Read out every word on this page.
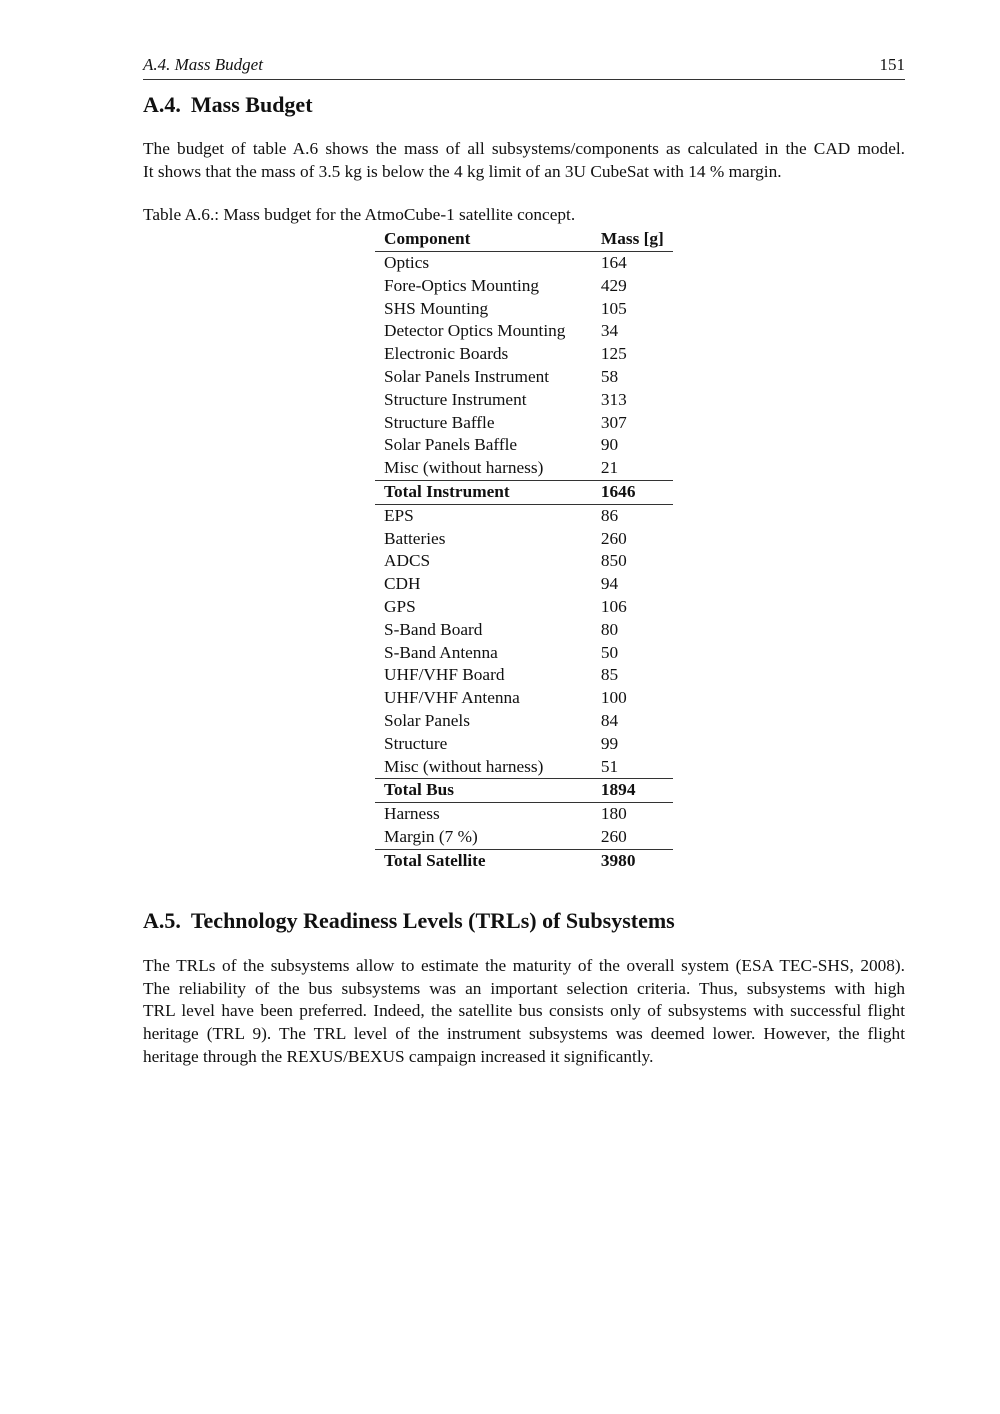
A.4. Mass Budget	151
A.4. Mass Budget

The budget of table A.6 shows the mass of all subsystems/components as calculated in the CAD model.
It shows that the mass of 3.5 kg is below the 4 kg limit of an 3U CubeSat with 14 % margin.

Table A.6.: Mass budget for the AtmoCube-1 satellite concept.
Component	Mass [g]
Optics	164
Fore-Optics Mounting	429
SHS Mounting	105
Detector Optics Mounting	34
Electronic Boards	125
Solar Panels Instrument	58
Structure Instrument	313
Structure Baffle	307
Solar Panels Baffle	90
Misc (without harness)	21
Total Instrument	1646
EPS	86
Batteries	260
ADCS	850
CDH	94
GPS	106
S-Band Board	80
S-Band Antenna	50
UHF/VHF Board	85
UHF/VHF Antenna	100
Solar Panels	84
Structure	99
Misc (without harness)	51
Total Bus	1894
Harness	180
Margin (7 %)	260
Total Satellite	3980
A.5. Technology Readiness Levels (TRLs) of Subsystems

The TRLs of the subsystems allow to estimate the maturity of the overall system (ESA TEC-SHS, 2008).
The reliability of the bus subsystems was an important selection criteria. Thus, subsystems with high
TRL level have been preferred. Indeed, the satellite bus consists only of subsystems with successful flight
heritage (TRL 9). The TRL level of the instrument subsystems was deemed lower. However, the flight
heritage through the REXUS/BEXUS campaign increased it significantly.
